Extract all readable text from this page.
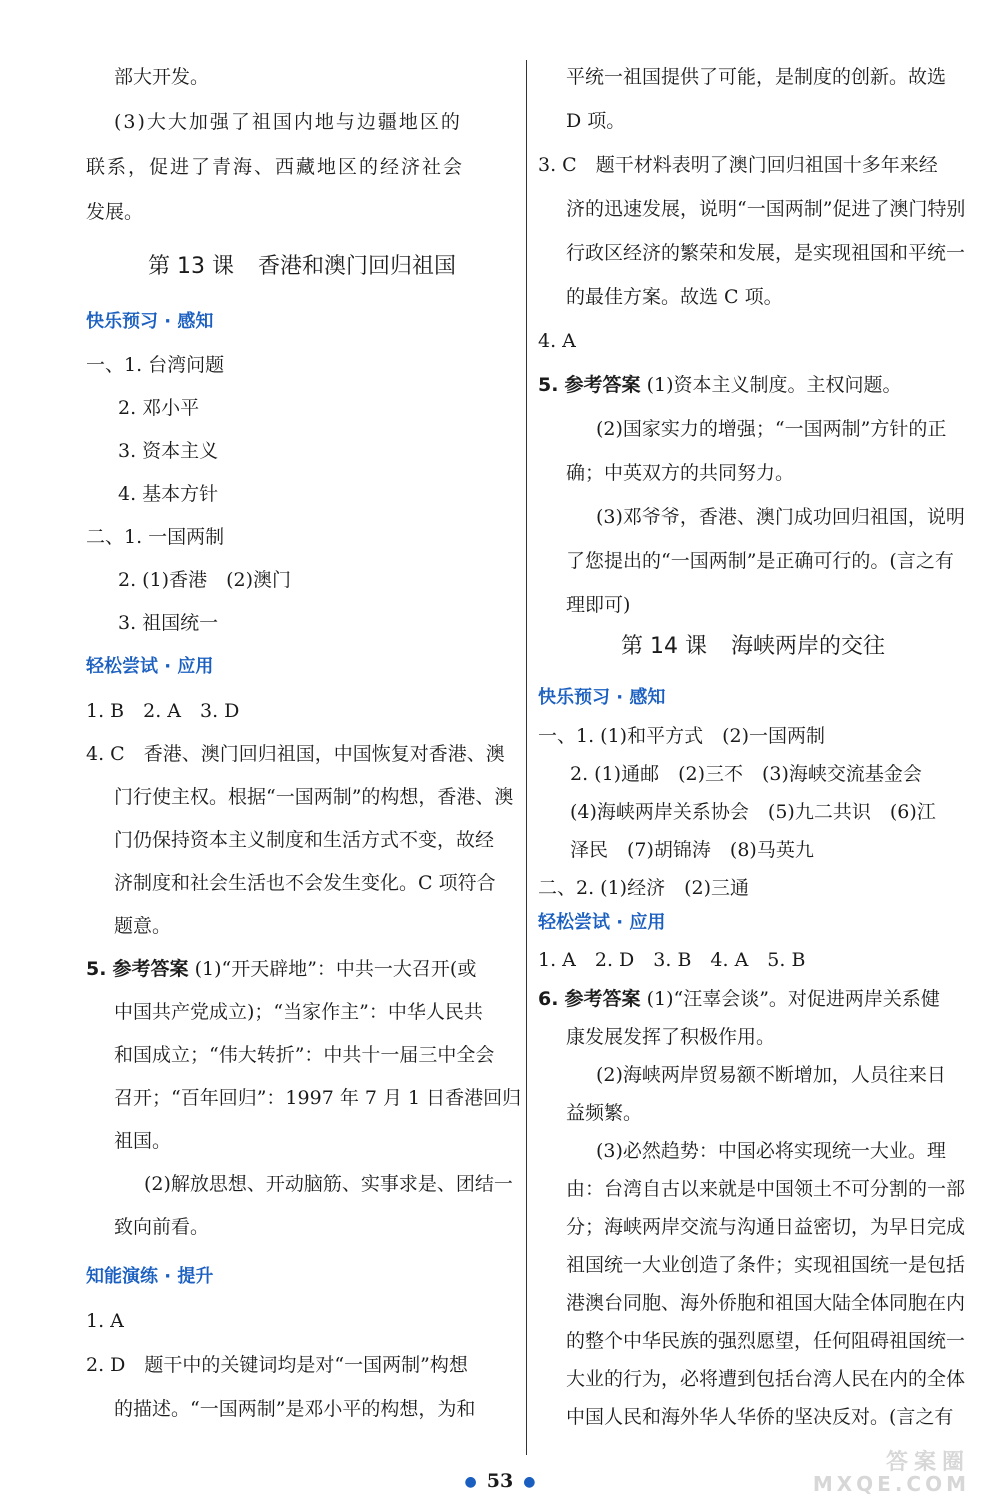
部大开发。
(3)大大加强了祖国内地与边疆地区的
联系，促进了青海、西藏地区的经济社会
发展。
第 13 课 香港和澳门回归祖国
快乐预习 · 感知
一、1. 台湾问题
2. 邓小平
3. 资本主义
4. 基本方针
二、1. 一国两制
2. (1)香港　(2)澳门
3. 祖国统一
轻松尝试 · 应用
1. B　2. A　3. D
4. C　香港、澳门回归祖国，中国恢复对香港、澳
门行使主权。根据“一国两制”的构想，香港、澳
门仍保持资本主义制度和生活方式不变，故经
济制度和社会生活也不会发生变化。C 项符合
题意。
5. 参考答案 (1)“开天辟地”：中共一大召开(或
中国共产党成立)；“当家作主”：中华人民共
和国成立；“伟大转折”：中共十一届三中全会
召开；“百年回归”：1997 年 7 月 1 日香港回归
祖国。
(2)解放思想、开动脑筋、实事求是、团结一
致向前看。
知能演练 · 提升
1. A
2. D　题干中的关键词均是对“一国两制”构想
的描述。“一国两制”是邓小平的构想，为和
平统一祖国提供了可能，是制度的创新。故选
D 项。
3. C　题干材料表明了澳门回归祖国十多年来经
济的迅速发展，说明“一国两制”促进了澳门特别
行政区经济的繁荣和发展，是实现祖国和平统一
的最佳方案。故选 C 项。
4. A
5. 参考答案 (1)资本主义制度。主权问题。
(2)国家实力的增强；“一国两制”方针的正
确；中英双方的共同努力。
(3)邓爷爷，香港、澳门成功回归祖国，说明
了您提出的“一国两制”是正确可行的。(言之有
理即可)
第 14 课 海峡两岸的交往
快乐预习 · 感知
一、1. (1)和平方式　(2)一国两制
2. (1)通邮　(2)三不　(3)海峡交流基金会
(4)海峡两岸关系协会　(5)九二共识　(6)江
泽民　(7)胡锦涛　(8)马英九
二、2. (1)经济　(2)三通
轻松尝试 · 应用
1. A　2. D　3. B　4. A　5. B
6. 参考答案 (1)“汪辜会谈”。对促进两岸关系健
康发展发挥了积极作用。
(2)海峡两岸贸易额不断增加，人员往来日
益频繁。
(3)必然趋势：中国必将实现统一大业。理
由：台湾自古以来就是中国领土不可分割的一部
分；海峡两岸交流与沟通日益密切，为早日完成
祖国统一大业创造了条件；实现祖国统一是包括
港澳台同胞、海外侨胞和祖国大陆全体同胞在内
的整个中华民族的强烈愿望，任何阻碍祖国统一
大业的行为，必将遭到包括台湾人民在内的全体
中国人民和海外华人华侨的坚决反对。(言之有
● 53 ●
答案圈
MXQE.COM
